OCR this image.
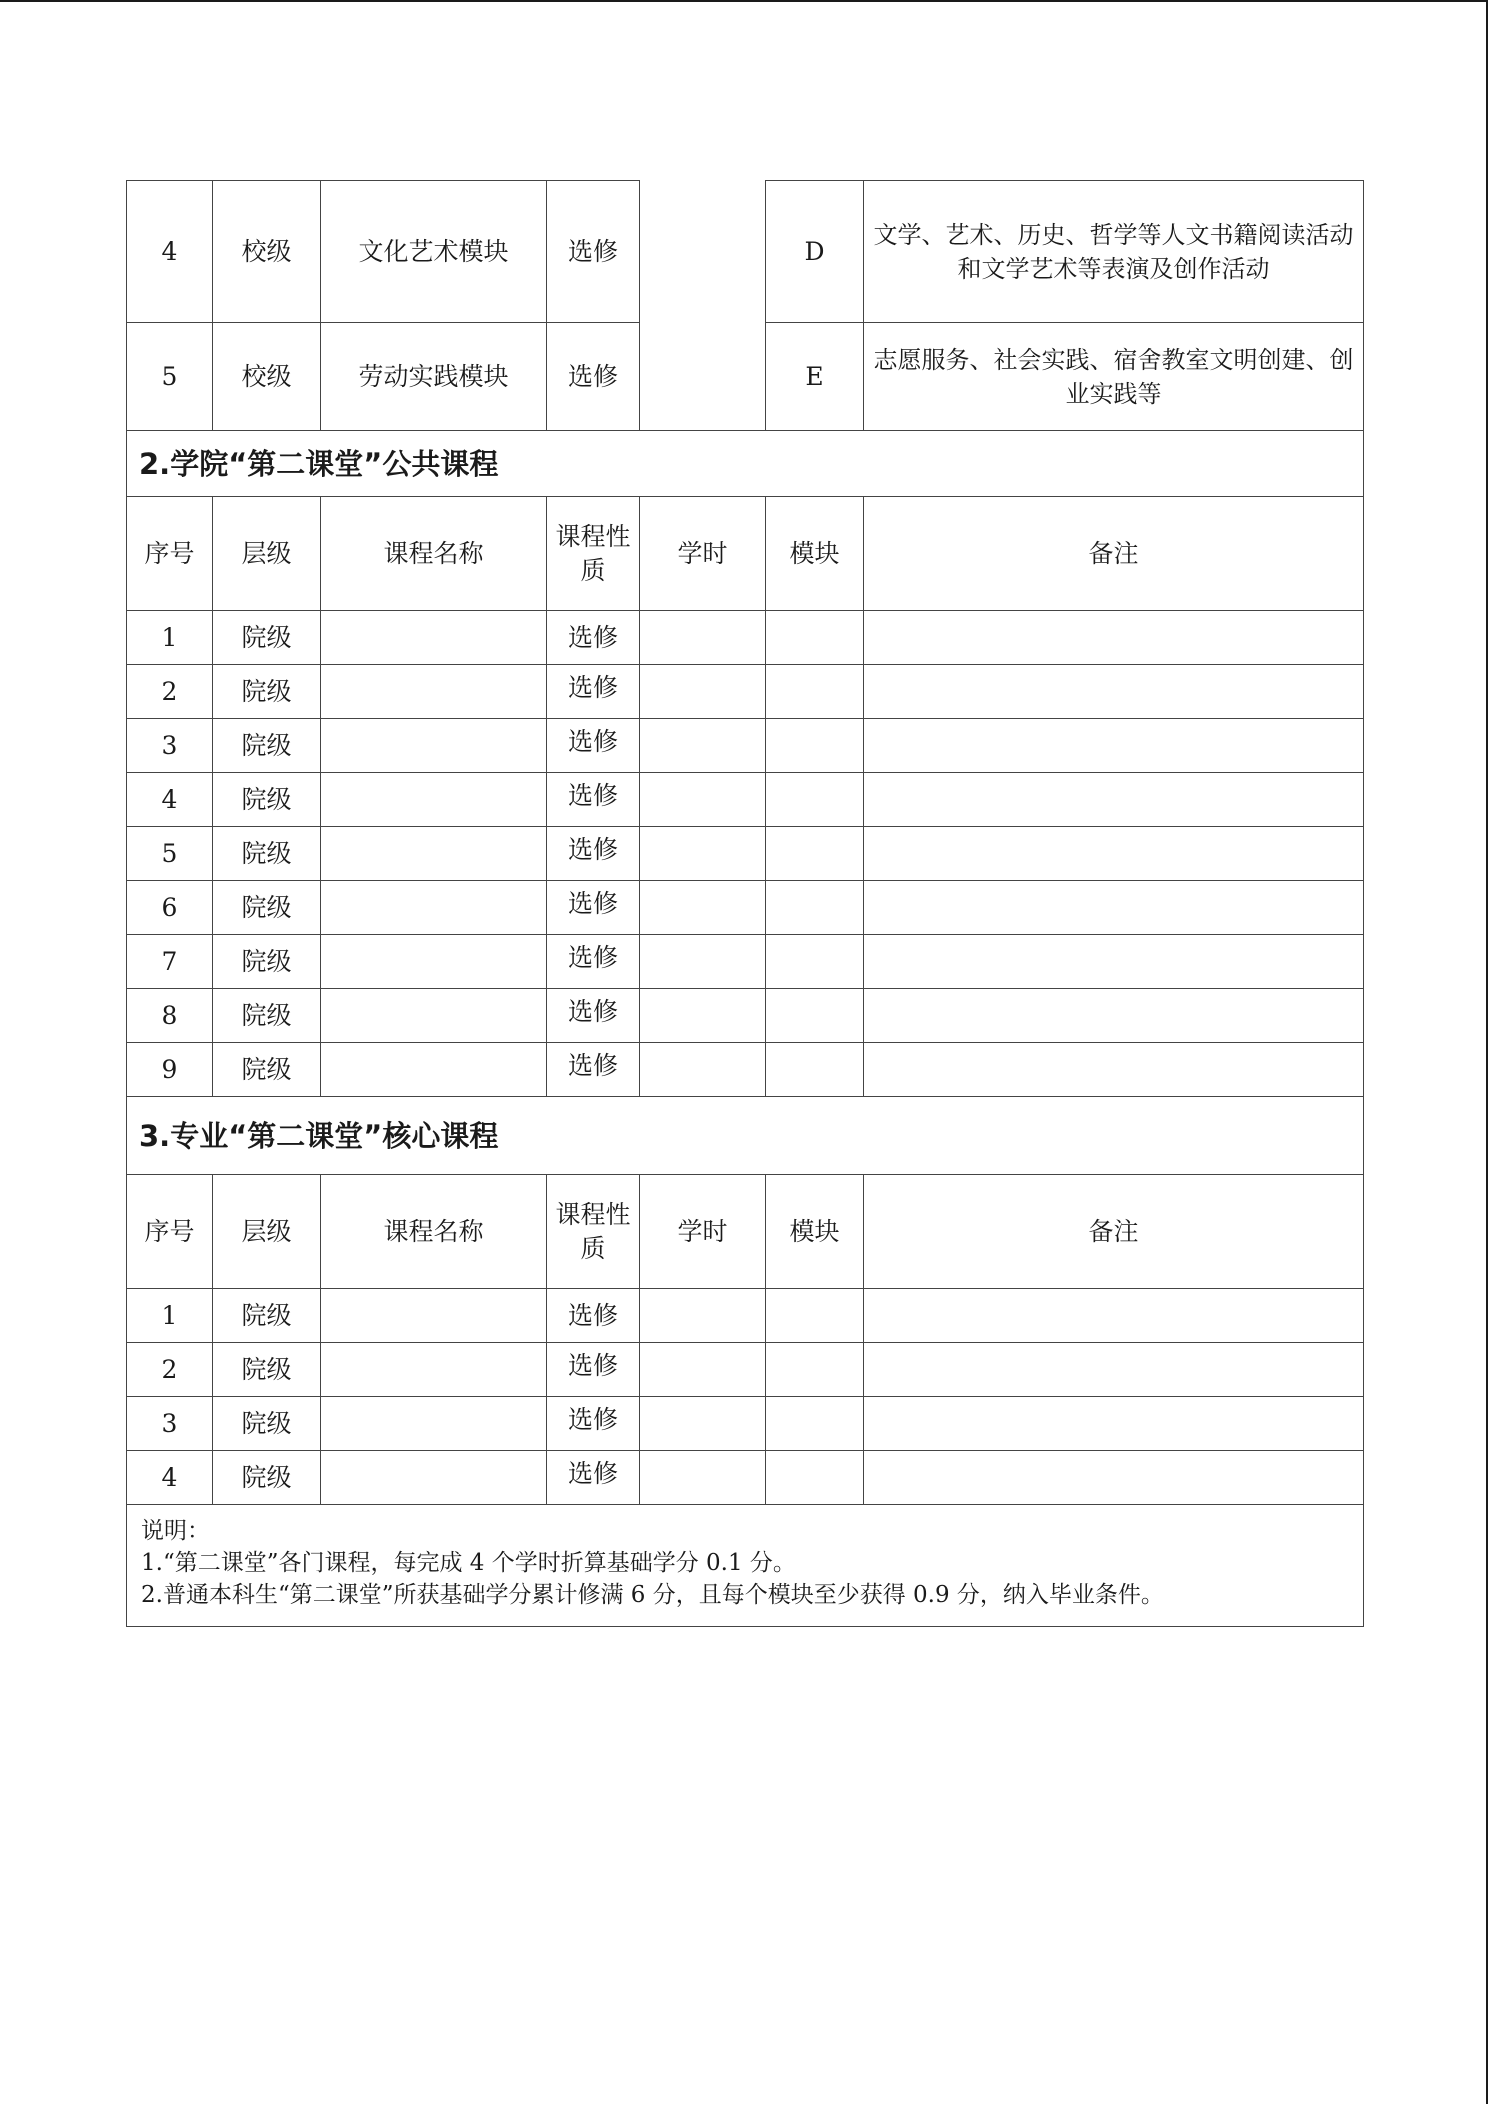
4	校级	文化艺术模块	选修		D	文学、艺术、历史、哲学等人文书籍阅读活动和文学艺术等表演及创作活动
5	校级	劳动实践模块	选修		E	志愿服务、社会实践、宿舍教室文明创建、创业实践等
2.学院“第二课堂”公共课程						
序号	层级	课程名称	课程性质	学时	模块	备注
1	院级		选修			
2	院级		选修			
3	院级		选修			
4	院级		选修			
5	院级		选修			
6	院级		选修			
7	院级		选修			
8	院级		选修			
9	院级		选修			
3.专业“第二课堂”核心课程						
序号	层级	课程名称	课程性质	学时	模块	备注
1	院级		选修			
2	院级		选修			
3	院级		选修			
4	院级		选修			

说明：
1.“第二课堂”各门课程，每完成 4 个学时折算基础学分 0.1 分。
2.普通本科生“第二课堂”所获基础学分累计修满 6 分，且每个模块至少获得 0.9 分，纳入毕业条件。						
